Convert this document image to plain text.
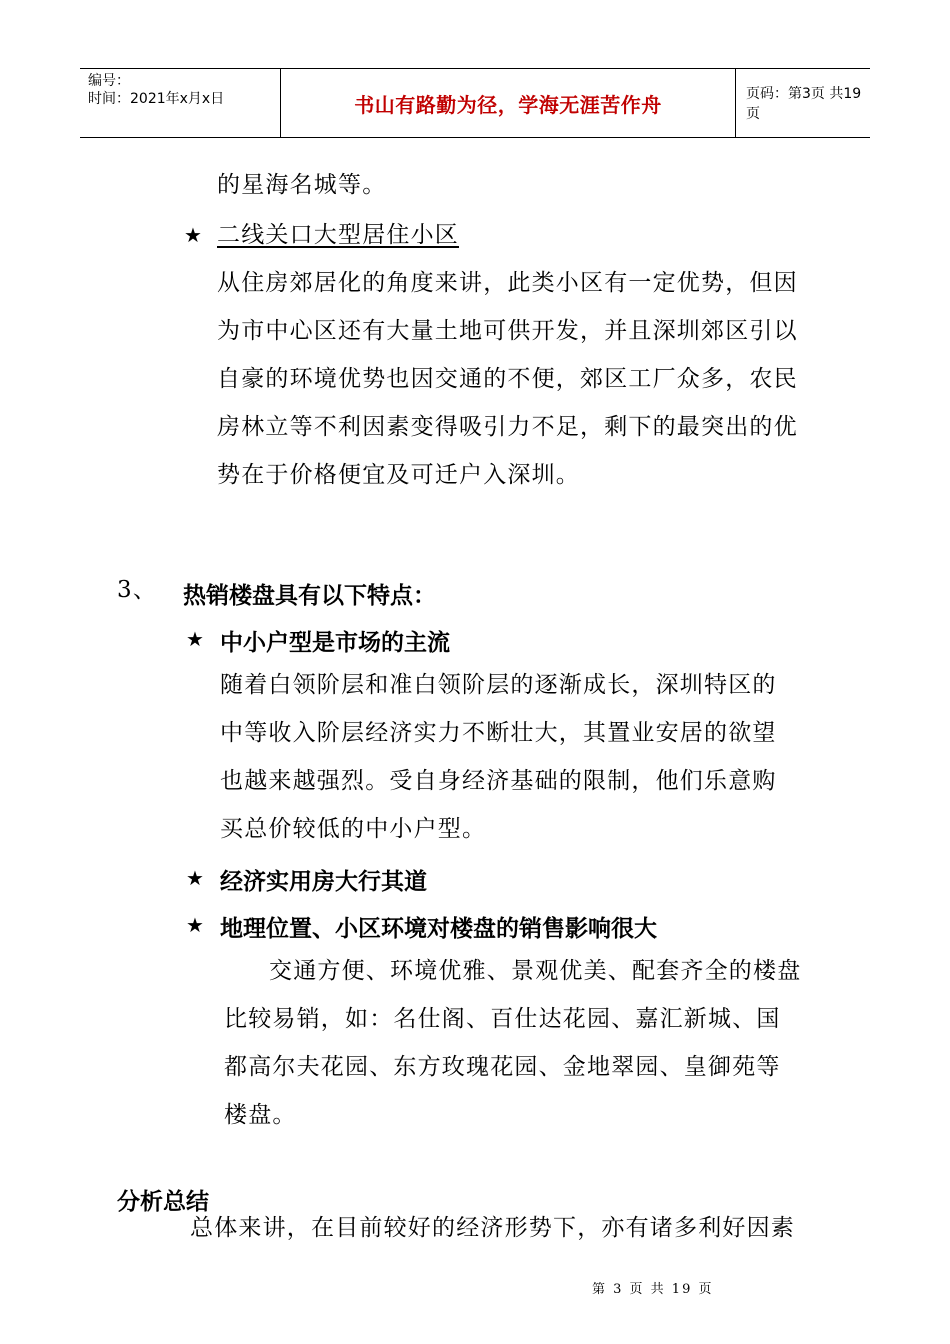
编号：
时间：2021年x月x日	书山有路勤为径，学海无涯苦作舟	页码：第3页 共19页
的星海名城等。
★ 二线关口大型居住小区
从住房郊居化的角度来讲，此类小区有一定优势，但因
为市中心区还有大量土地可供开发，并且深圳郊区引以
自豪的环境优势也因交通的不便，郊区工厂众多，农民
房林立等不利因素变得吸引力不足，剩下的最突出的优
势在于价格便宜及可迁户入深圳。
3、 热销楼盘具有以下特点：
★ 中小户型是市场的主流
随着白领阶层和准白领阶层的逐渐成长，深圳特区的
中等收入阶层经济实力不断壮大，其置业安居的欲望
也越来越强烈。受自身经济基础的限制，他们乐意购
买总价较低的中小户型。
★ 经济实用房大行其道
★ 地理位置、小区环境对楼盘的销售影响很大
交通方便、环境优雅、景观优美、配套齐全的楼盘
比较易销，如：名仕阁、百仕达花园、嘉汇新城、国
都高尔夫花园、东方玫瑰花园、金地翠园、皇御苑等
楼盘。
分析总结
总体来讲，在目前较好的经济形势下，亦有诸多利好因素
第 3 页 共 19 页
